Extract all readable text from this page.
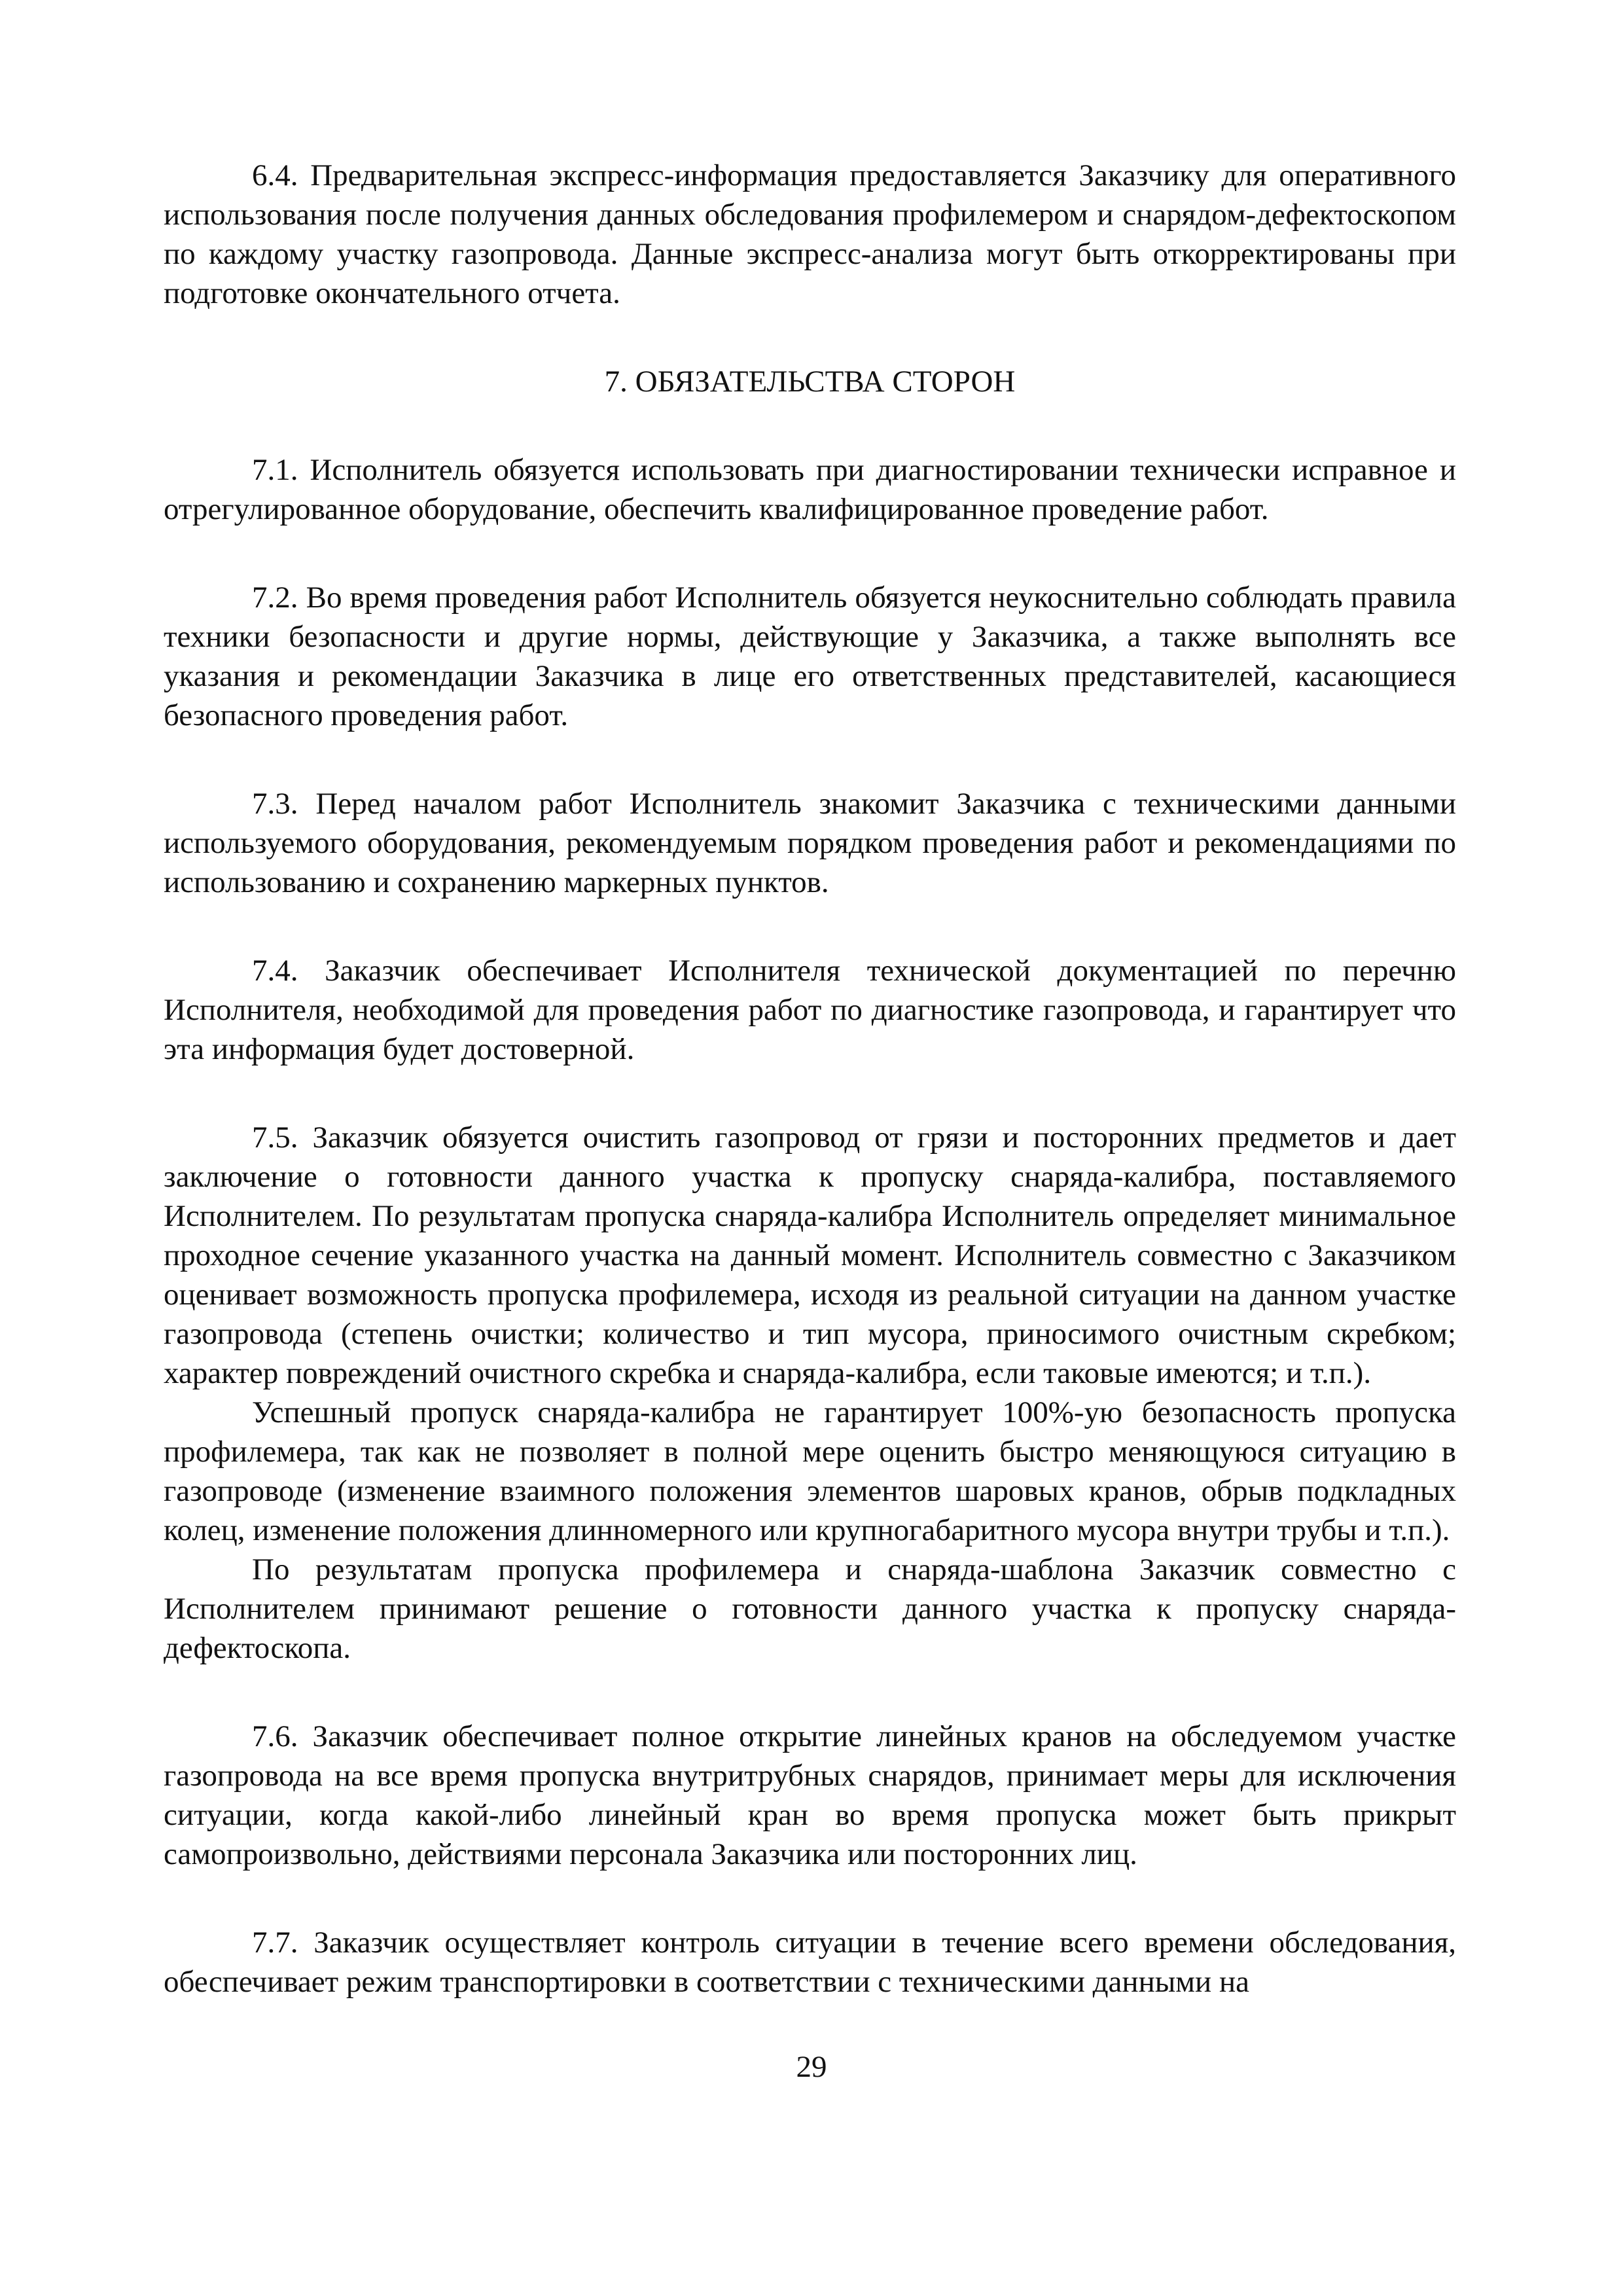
6.4. Предварительная экспресс-информация предоставляется Заказчику для оперативного использования после получения данных обследования профилемером и снарядом-дефектоскопом по каждому участку газопровода. Данные экспресс-анализа могут быть откорректированы при подготовке окончательного отчета.

7. ОБЯЗАТЕЛЬСТВА СТОРОН

7.1. Исполнитель обязуется использовать при диагностировании технически исправное и отрегулированное оборудование, обеспечить квалифицированное проведение работ.

7.2. Во время проведения работ Исполнитель обязуется неукоснительно соблюдать правила техники безопасности и другие нормы, действующие у Заказчика, а также выполнять все указания и рекомендации Заказчика в лице его ответственных представителей, касающиеся безопасного проведения работ.

7.3. Перед началом работ Исполнитель знакомит Заказчика с техническими данными используемого оборудования, рекомендуемым порядком проведения работ и рекомендациями по использованию и сохранению маркерных пунктов.

7.4. Заказчик обеспечивает Исполнителя технической документацией по перечню Исполнителя, необходимой для проведения работ по диагностике газопровода, и гарантирует что эта информация будет достоверной.

7.5. Заказчик обязуется очистить газопровод от грязи и посторонних предметов и дает заключение о готовности данного участка к пропуску снаряда-калибра, поставляемого Исполнителем. По результатам пропуска снаряда-калибра Исполнитель определяет минимальное проходное сечение указанного участка на данный момент. Исполнитель совместно с Заказчиком оценивает возможность пропуска профилемера, исходя из реальной ситуации на данном участке газопровода (степень очистки; количество и тип мусора, приносимого очистным скребком; характер повреждений очистного скребка и снаряда-калибра, если таковые имеются; и т.п.).

Успешный пропуск снаряда-калибра не гарантирует 100%-ую безопасность пропуска профилемера, так как не позволяет в полной мере оценить быстро меняющуюся ситуацию в газопроводе (изменение взаимного положения элементов шаровых кранов, обрыв подкладных колец, изменение положения длинномерного или крупногабаритного мусора внутри трубы и т.п.).

По результатам пропуска профилемера и снаряда-шаблона Заказчик совместно с Исполнителем принимают решение о готовности данного участка к пропуску снаряда-дефектоскопа.

7.6. Заказчик обеспечивает полное открытие линейных кранов на обследуемом участке газопровода на все время пропуска внутритрубных снарядов, принимает меры для исключения ситуации, когда какой-либо линейный кран во время пропуска может быть прикрыт самопроизвольно, действиями персонала Заказчика или посторонних лиц.

7.7. Заказчик осуществляет контроль ситуации в течение всего времени обследования, обеспечивает режим транспортировки в соответствии с техническими данными на

29
